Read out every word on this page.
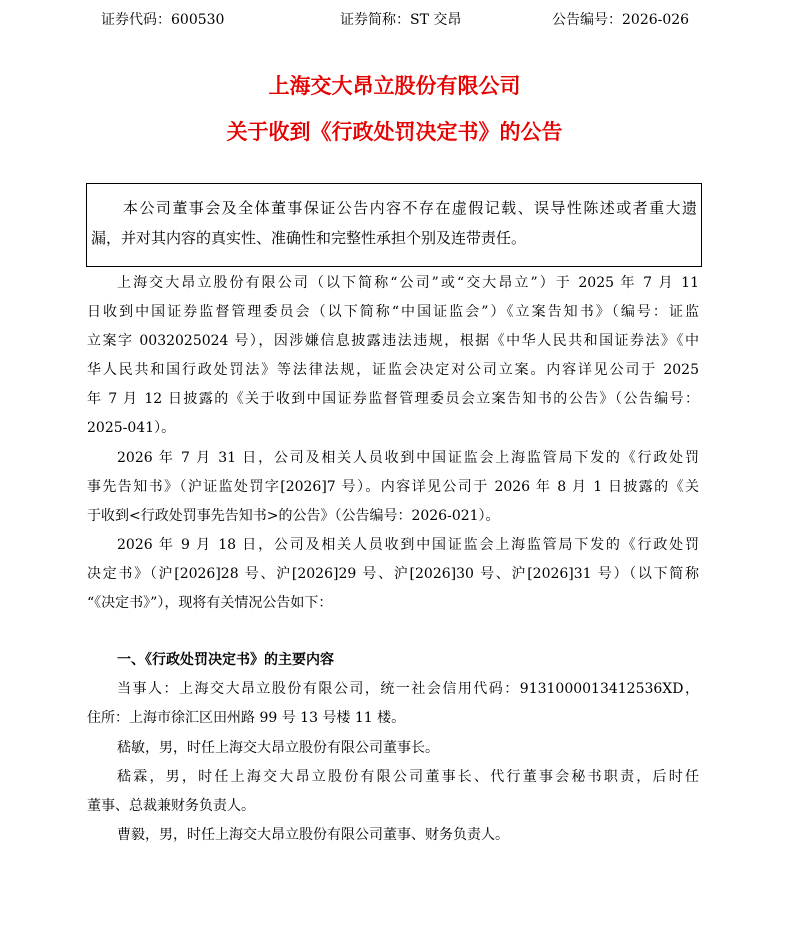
证券代码：600530	证券简称：ST 交昂	公告编号：2026-026
上海交大昂立股份有限公司
关于收到《行政处罚决定书》的公告
本公司董事会及全体董事保证公告内容不存在虚假记载、误导性陈述或者重大遗
漏，并对其内容的真实性、准确性和完整性承担个别及连带责任。
上海交大昂立股份有限公司（以下简称“公司”或“交大昂立”）于 2025 年 7 月 11
日收到中国证券监督管理委员会（以下简称“中国证监会”）《立案告知书》（编号：证监
立案字 0032025024 号），因涉嫌信息披露违法违规，根据《中华人民共和国证券法》《中
华人民共和国行政处罚法》等法律法规，证监会决定对公司立案。内容详见公司于 2025
年 7 月 12 日披露的《关于收到中国证券监督管理委员会立案告知书的公告》（公告编号：
2025-041）。
2026 年 7 月 31 日，公司及相关人员收到中国证监会上海监管局下发的《行政处罚
事先告知书》（沪证监处罚字[2026]7 号）。内容详见公司于 2026 年 8 月 1 日披露的《关
于收到<行政处罚事先告知书>的公告》（公告编号：2026-021）。
2026 年 9 月 18 日，公司及相关人员收到中国证监会上海监管局下发的《行政处罚
决定书》（沪[2026]28 号、沪[2026]29 号、沪[2026]30 号、沪[2026]31 号）（以下简称
“《决定书》”），现将有关情况公告如下：
一、《行政处罚决定书》的主要内容
当事人：上海交大昂立股份有限公司，统一社会信用代码：9131000013412536XD，
住所：上海市徐汇区田州路 99 号 13 号楼 11 楼。
嵇敏，男，时任上海交大昂立股份有限公司董事长。
嵇霖，男，时任上海交大昂立股份有限公司董事长、代行董事会秘书职责，后时任
董事、总裁兼财务负责人。
曹毅，男，时任上海交大昂立股份有限公司董事、财务负责人。
